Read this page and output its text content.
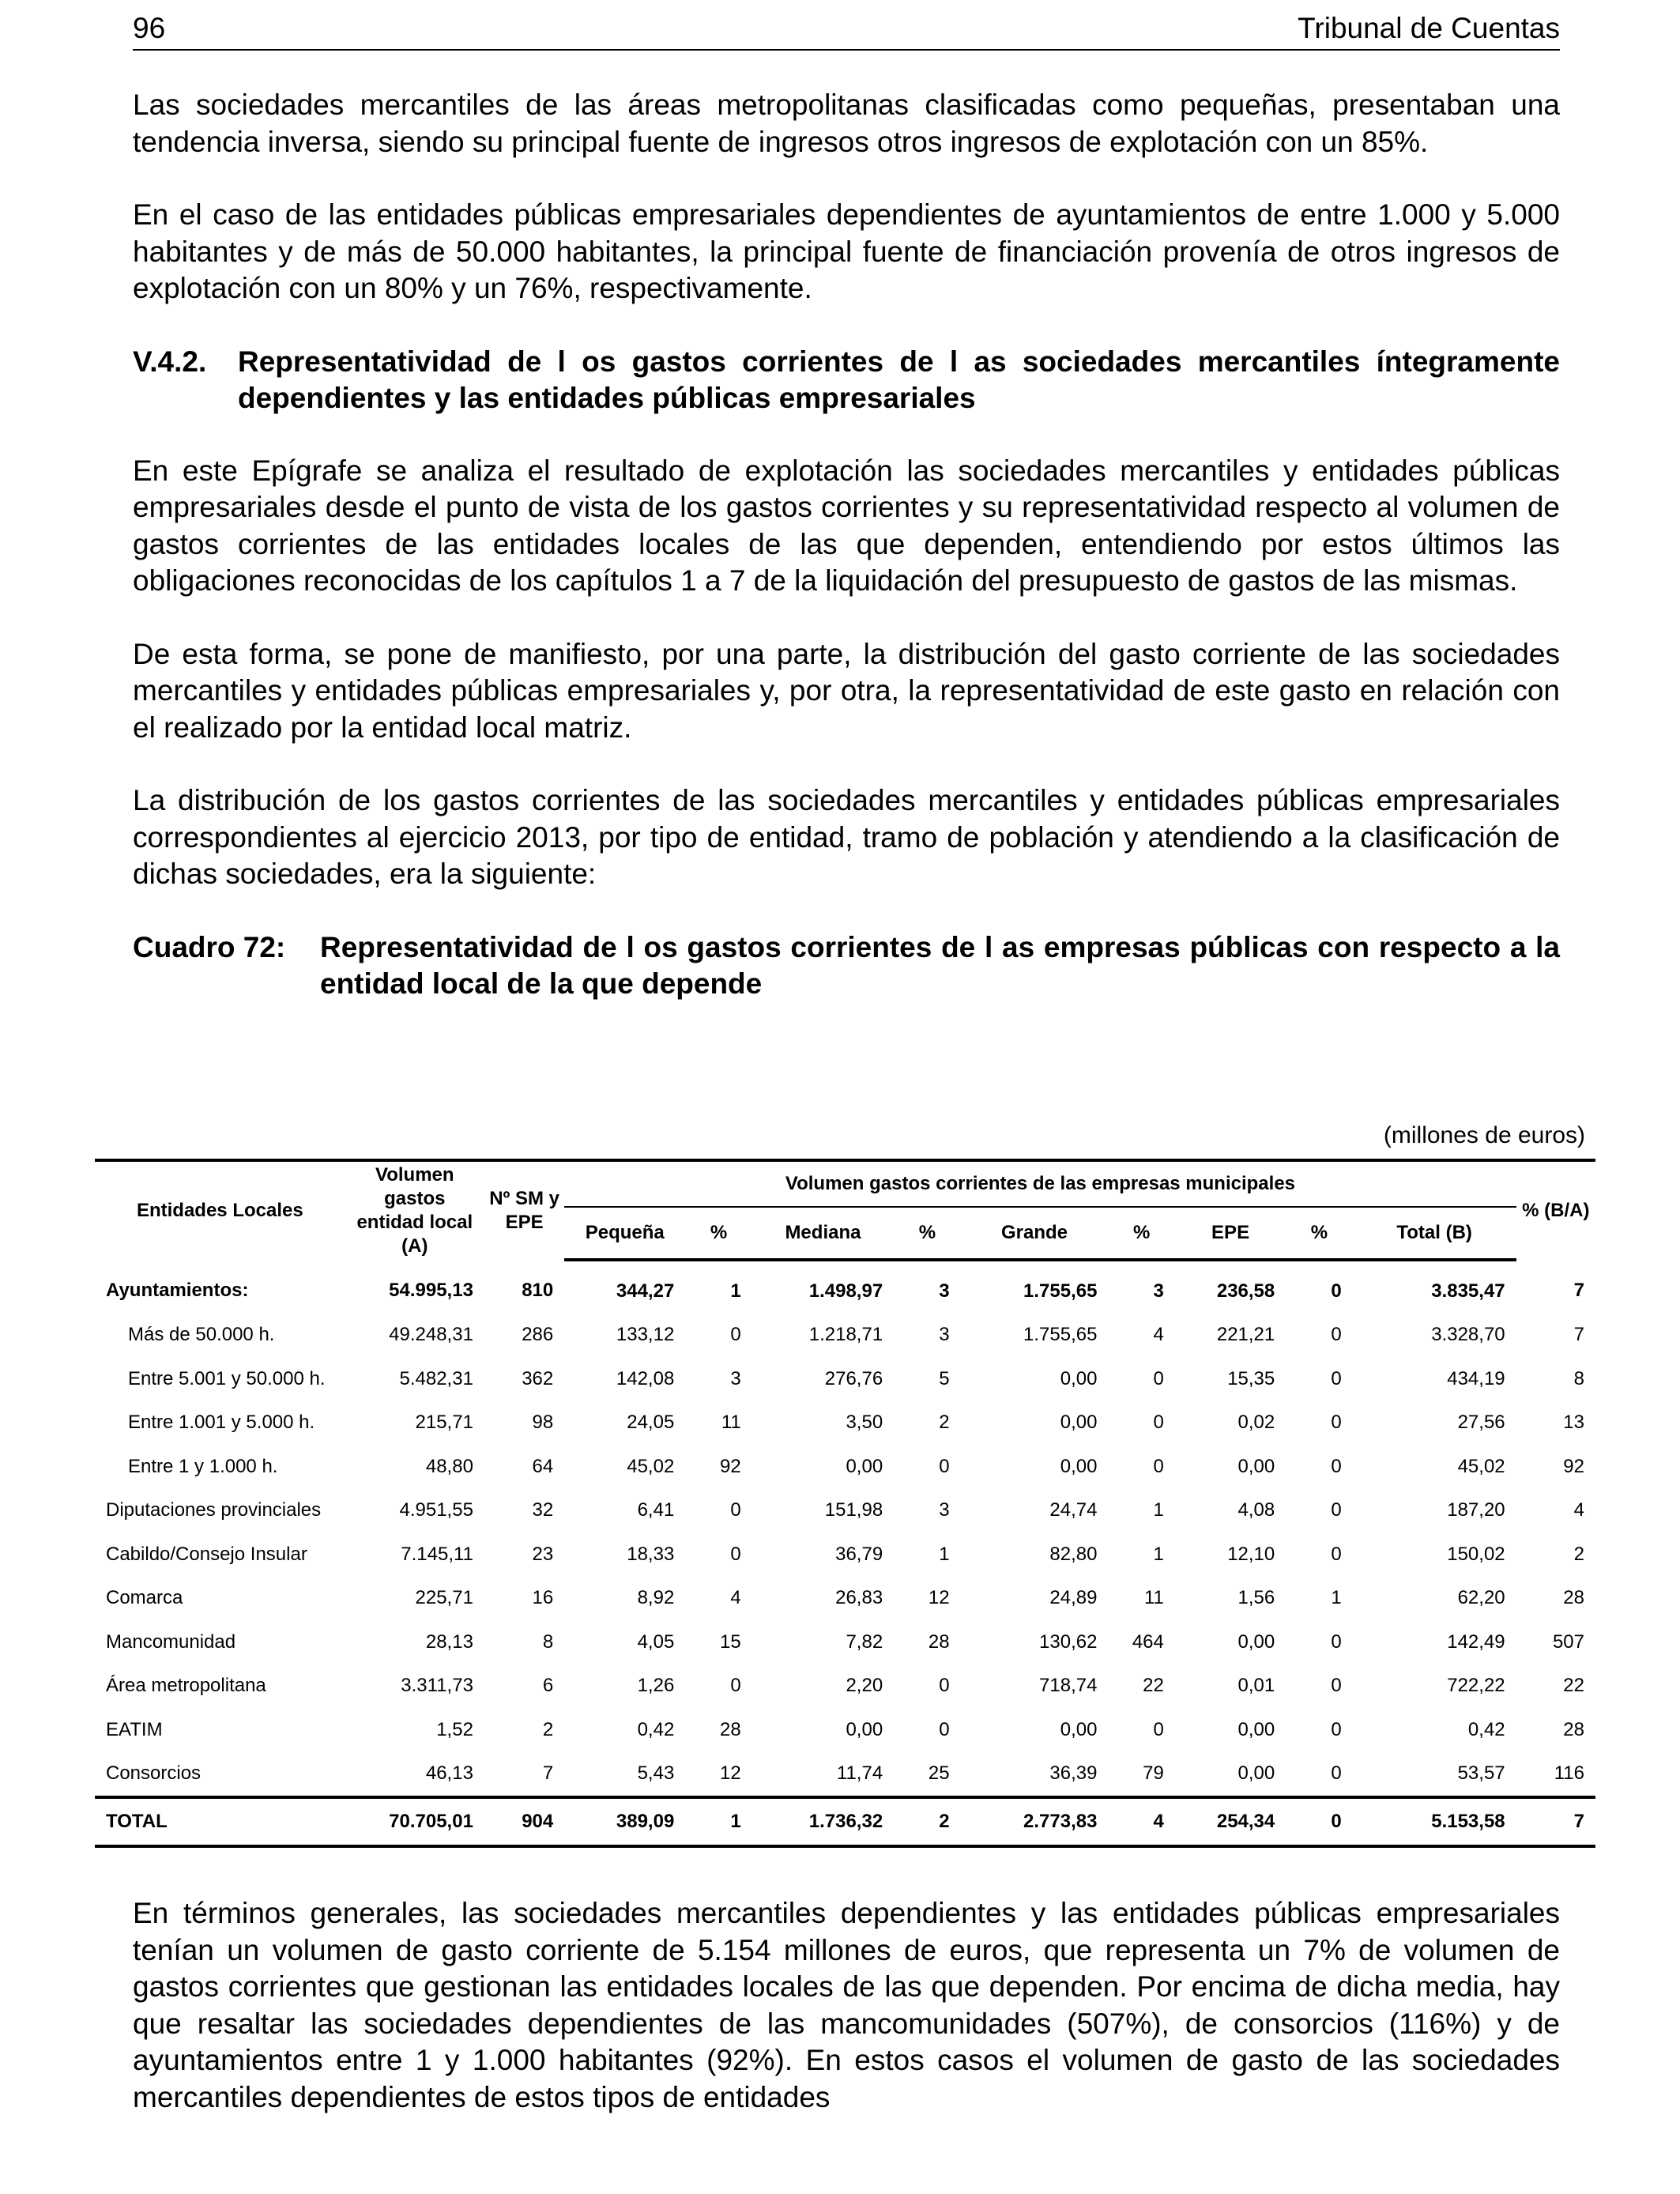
96	Tribunal de Cuentas

Las sociedades mercantiles de las áreas metropolitanas clasificadas como pequeñas, presentaban una tendencia inversa, siendo su principal fuente de ingresos otros ingresos de explotación con un 85%.

En el caso de las entidades públicas empresariales dependientes de ayuntamientos de entre 1.000 y 5.000 habitantes y de más de 50.000 habitantes, la principal fuente de financiación provenía de otros ingresos de explotación con un 80% y un 76%, respectivamente.

V.4.2.	Representatividad de l os gastos corrientes de l as sociedades mercantiles íntegramente dependientes y las entidades públicas empresariales

En este Epígrafe se analiza el resultado de explotación las sociedades mercantiles y entidades públicas empresariales desde el punto de vista de los gastos corrientes y su representatividad respecto al volumen de gastos corrientes de las entidades locales de las que dependen, entendiendo por estos últimos las obligaciones reconocidas de los capítulos 1 a 7 de la liquidación del presupuesto de gastos de las mismas.

De esta forma, se pone de manifiesto, por una parte, la distribución del gasto corriente de las sociedades mercantiles y entidades públicas empresariales y, por otra, la representatividad de este gasto en relación con el realizado por la entidad local matriz.

La distribución de los gastos corrientes de las sociedades mercantiles y entidades públicas empresariales correspondientes al ejercicio 2013, por tipo de entidad, tramo de población y atendiendo a la clasificación de dichas sociedades, era la siguiente:

Cuadro 72:	Representatividad de l os gastos corrientes de l as empresas públicas con respecto a la entidad local de la que depende
(millones de euros)
Entidades Locales	Volumen gastos entidad local (A)	Nº SM y EPE	Volumen gastos corrientes de las empresas municipales									% (B/A)
			Pequeña	%	Mediana	%	Grande	%	EPE	%	Total (B)	
Ayuntamientos:	54.995,13	810	344,27	1	1.498,97	3	1.755,65	3	236,58	0	3.835,47	7
Más de 50.000 h.	49.248,31	286	133,12	0	1.218,71	3	1.755,65	4	221,21	0	3.328,70	7
Entre 5.001 y 50.000 h.	5.482,31	362	142,08	3	276,76	5	0,00	0	15,35	0	434,19	8
Entre 1.001 y 5.000 h.	215,71	98	24,05	11	3,50	2	0,00	0	0,02	0	27,56	13
Entre 1 y 1.000 h.	48,80	64	45,02	92	0,00	0	0,00	0	0,00	0	45,02	92
Diputaciones provinciales	4.951,55	32	6,41	0	151,98	3	24,74	1	4,08	0	187,20	4
Cabildo/Consejo Insular	7.145,11	23	18,33	0	36,79	1	82,80	1	12,10	0	150,02	2
Comarca	225,71	16	8,92	4	26,83	12	24,89	11	1,56	1	62,20	28
Mancomunidad	28,13	8	4,05	15	7,82	28	130,62	464	0,00	0	142,49	507
Área metropolitana	3.311,73	6	1,26	0	2,20	0	718,74	22	0,01	0	722,22	22
EATIM	1,52	2	0,42	28	0,00	0	0,00	0	0,00	0	0,42	28
Consorcios	46,13	7	5,43	12	11,74	25	36,39	79	0,00	0	53,57	116
TOTAL	70.705,01	904	389,09	1	1.736,32	2	2.773,83	4	254,34	0	5.153,58	7

En términos generales, las sociedades mercantiles dependientes y las entidades públicas empresariales tenían un volumen de gasto corriente de 5.154 millones de euros, que representa un 7% de volumen de gastos corrientes que gestionan las entidades locales de las que dependen. Por encima de dicha media, hay que resaltar las sociedades dependientes de las mancomunidades (507%), de consorcios (116%) y de ayuntamientos entre 1 y 1.000 habitantes (92%). En estos casos el volumen de gasto de las sociedades mercantiles dependientes de estos tipos de entidades
